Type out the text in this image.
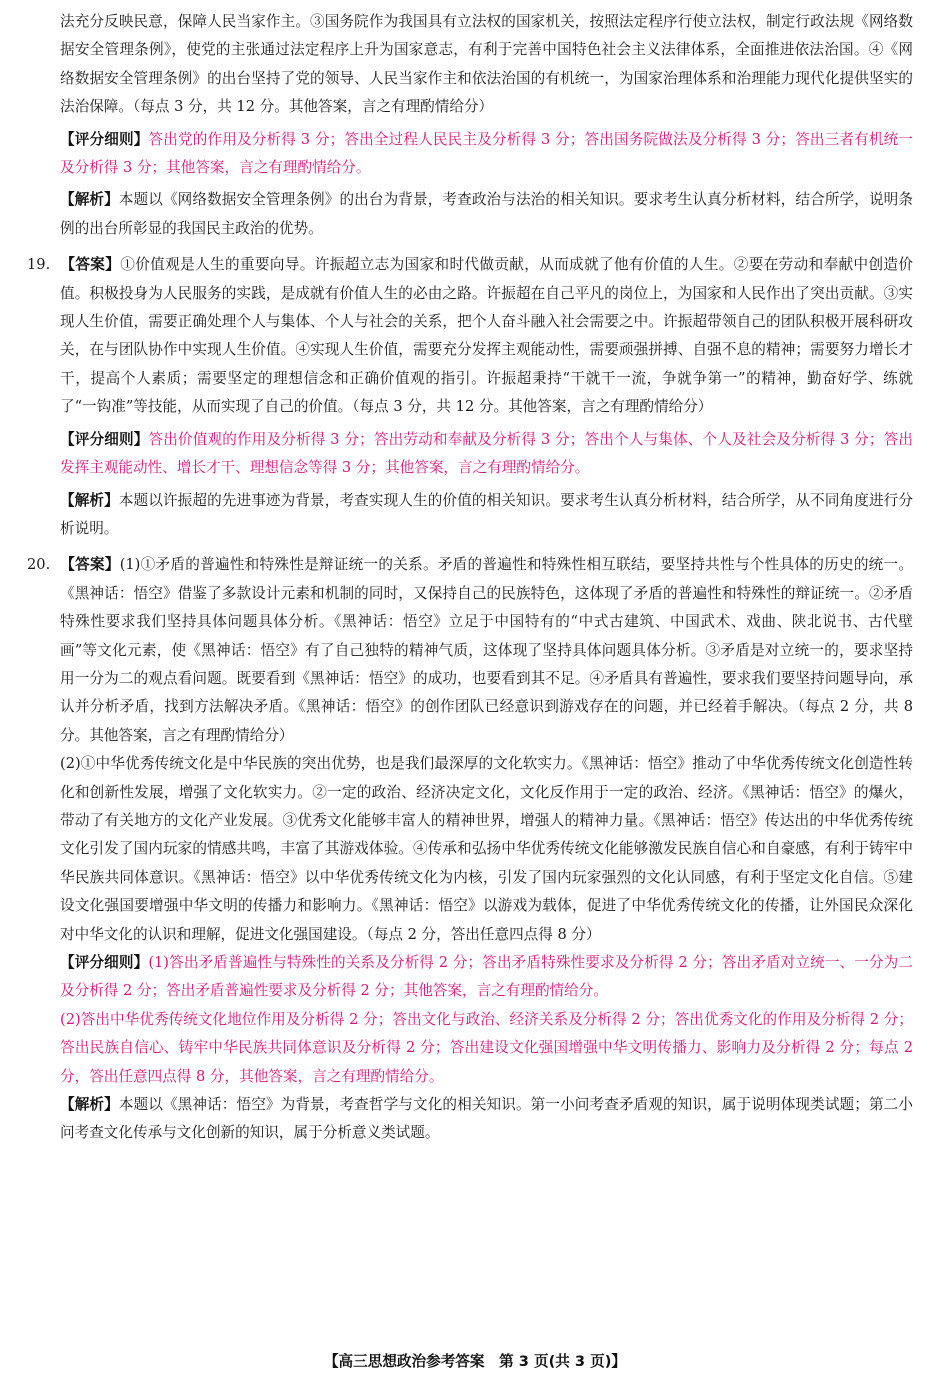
法充分反映民意，保障人民当家作主。③国务院作为我国具有立法权的国家机关，按照法定程序行使立法权，制定行政法规《网络数据安全管理条例》，使党的主张通过法定程序上升为国家意志，有利于完善中国特色社会主义法律体系，全面推进依法治国。④《网络数据安全管理条例》的出台坚持了党的领导、人民当家作主和依法治国的有机统一，为国家治理体系和治理能力现代化提供坚实的法治保障。（每点 3 分，共 12 分。其他答案，言之有理酌情给分）

【评分细则】答出党的作用及分析得 3 分；答出全过程人民民主及分析得 3 分；答出国务院做法及分析得 3 分；答出三者有机统一及分析得 3 分；其他答案，言之有理酌情给分。

【解析】本题以《网络数据安全管理条例》的出台为背景，考查政治与法治的相关知识。要求考生认真分析材料，结合所学，说明条例的出台所彰显的我国民主政治的优势。

19. 【答案】①价值观是人生的重要向导。许振超立志为国家和时代做贡献，从而成就了他有价值的人生。②要在劳动和奉献中创造价值。积极投身为人民服务的实践，是成就有价值人生的必由之路。许振超在自己平凡的岗位上，为国家和人民作出了突出贡献。③实现人生价值，需要正确处理个人与集体、个人与社会的关系，把个人奋斗融入社会需要之中。许振超带领自己的团队积极开展科研攻关，在与团队协作中实现人生价值。④实现人生价值，需要充分发挥主观能动性，需要顽强拼搏、自强不息的精神；需要努力增长才干，提高个人素质；需要坚定的理想信念和正确价值观的指引。许振超秉持“干就干一流，争就争第一”的精神，勤奋好学、练就了“一钩准”等技能，从而实现了自己的价值。（每点 3 分，共 12 分。其他答案，言之有理酌情给分）

【评分细则】答出价值观的作用及分析得 3 分；答出劳动和奉献及分析得 3 分；答出个人与集体、个人及社会及分析得 3 分；答出发挥主观能动性、增长才干、理想信念等得 3 分；其他答案，言之有理酌情给分。

【解析】本题以许振超的先进事迹为背景，考查实现人生的价值的相关知识。要求考生认真分析材料，结合所学，从不同角度进行分析说明。

20. 【答案】(1)①矛盾的普遍性和特殊性是辩证统一的关系。矛盾的普遍性和特殊性相互联结，要坚持共性与个性具体的历史的统一。《黑神话：悟空》借鉴了多款设计元素和机制的同时，又保持自己的民族特色，这体现了矛盾的普遍性和特殊性的辩证统一。②矛盾特殊性要求我们坚持具体问题具体分析。《黑神话：悟空》立足于中国特有的“中式古建筑、中国武术、戏曲、陕北说书、古代壁画”等文化元素，使《黑神话：悟空》有了自己独特的精神气质，这体现了坚持具体问题具体分析。③矛盾是对立统一的，要求坚持用一分为二的观点看问题。既要看到《黑神话：悟空》的成功，也要看到其不足。④矛盾具有普遍性，要求我们要坚持问题导向，承认并分析矛盾，找到方法解决矛盾。《黑神话：悟空》的创作团队已经意识到游戏存在的问题，并已经着手解决。（每点 2 分，共 8 分。其他答案，言之有理酌情给分）

(2)①中华优秀传统文化是中华民族的突出优势，也是我们最深厚的文化软实力。《黑神话：悟空》推动了中华优秀传统文化创造性转化和创新性发展，增强了文化软实力。②一定的政治、经济决定文化，文化反作用于一定的政治、经济。《黑神话：悟空》的爆火，带动了有关地方的文化产业发展。③优秀文化能够丰富人的精神世界，增强人的精神力量。《黑神话：悟空》传达出的中华优秀传统文化引发了国内玩家的情感共鸣，丰富了其游戏体验。④传承和弘扬中华优秀传统文化能够激发民族自信心和自豪感，有利于铸牢中华民族共同体意识。《黑神话：悟空》以中华优秀传统文化为内核，引发了国内玩家强烈的文化认同感，有利于坚定文化自信。⑤建设文化强国要增强中华文明的传播力和影响力。《黑神话：悟空》以游戏为载体，促进了中华优秀传统文化的传播，让外国民众深化对中华文化的认识和理解，促进文化强国建设。（每点 2 分，答出任意四点得 8 分）

【评分细则】(1)答出矛盾普遍性与特殊性的关系及分析得 2 分；答出矛盾特殊性要求及分析得 2 分；答出矛盾对立统一、一分为二及分析得 2 分；答出矛盾普遍性要求及分析得 2 分；其他答案，言之有理酌情给分。

(2)答出中华优秀传统文化地位作用及分析得 2 分；答出文化与政治、经济关系及分析得 2 分；答出优秀文化的作用及分析得 2 分；答出民族自信心、铸牢中华民族共同体意识及分析得 2 分；答出建设文化强国增强中华文明传播力、影响力及分析得 2 分；每点 2 分，答出任意四点得 8 分，其他答案，言之有理酌情给分。

【解析】本题以《黑神话：悟空》为背景，考查哲学与文化的相关知识。第一小问考查矛盾观的知识，属于说明体现类试题；第二小问考查文化传承与文化创新的知识，属于分析意义类试题。

【高三思想政治参考答案　第 3 页(共 3 页)】
